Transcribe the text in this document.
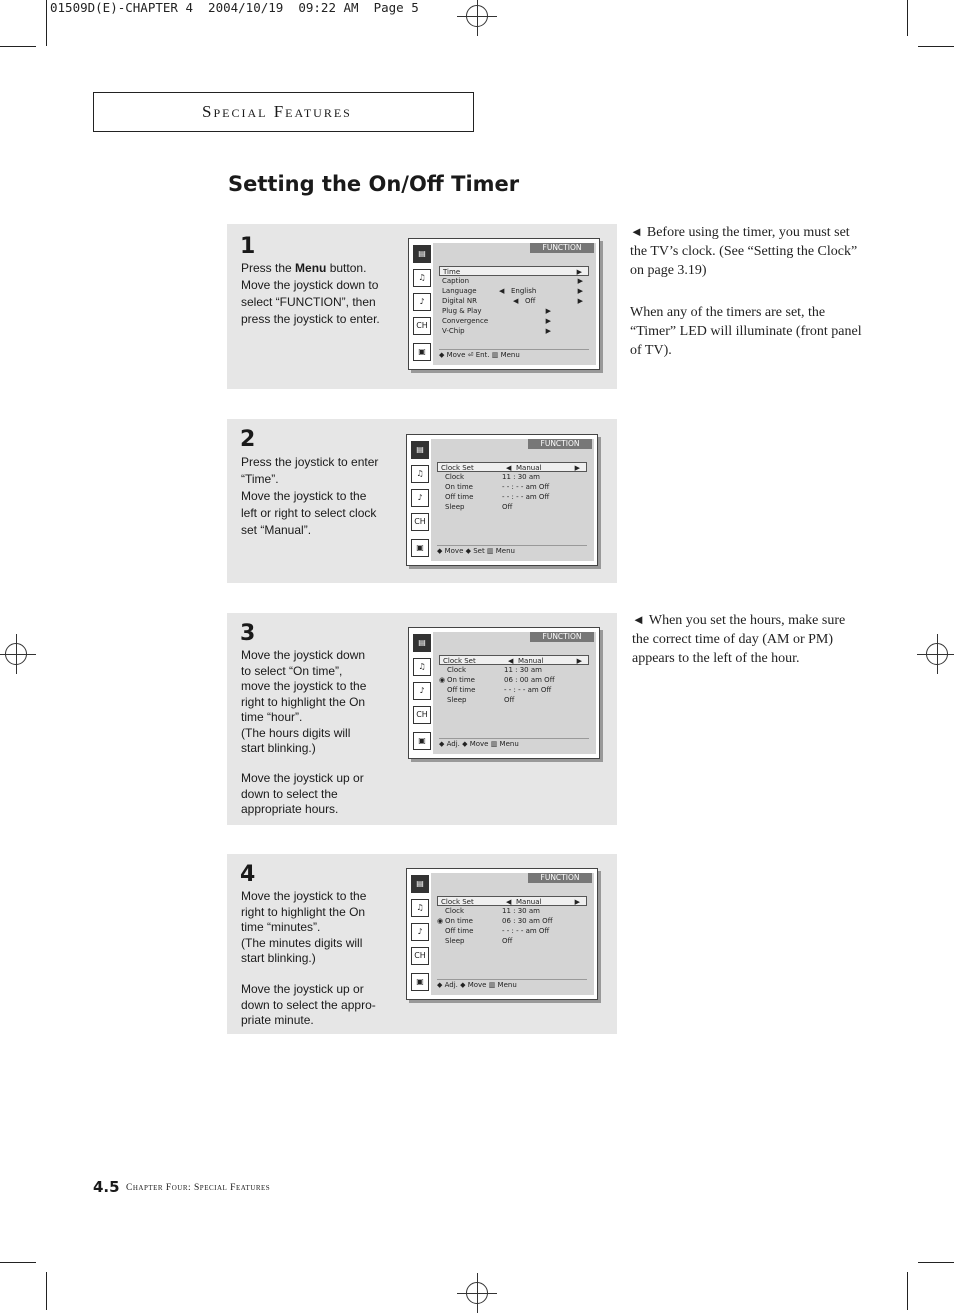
01509D(E)-CHAPTER 4  2004/10/19  09:22 AM  Page 5
Special Features
Setting the On/Off Timer
1
Press the Menu button.
Move the joystick down to
select “FUNCTION”, then
press the joystick to enter.
▤
♫
♪
CH
▣
FUNCTION
Time	▶
Caption	▶
Language	◀ English	▶
Digital NR	◀ Off	▶
Plug & Play	▶
Convergence	▶
V-Chip	▶
◆ Move ⏎ Ent. ▥ Menu
2
Press the joystick to enter
“Time”.
Move the joystick to the
left or right to select clock
set “Manual”.
▤
♫
♪
CH
▣
FUNCTION
Clock Set	◀ Manual	▶
Clock	11 : 30 am
On time	- - : - - am Off
Off time	- - : - - am Off
Sleep	Off
◆ Move ◆ Set ▥ Menu
3
Move the joystick down
to select “On time”,
move the joystick to the
right to highlight the On
time “hour”.
(The hours digits will
start blinking.)
Move the joystick up or
down to select the
appropriate hours.
▤
♫
♪
CH
▣
FUNCTION
Clock Set	◀ Manual	▶
Clock	11 : 30 am
◉ On time	06 : 00 am Off
Off time	- - : - - am Off
Sleep	Off
◆ Adj. ◆ Move ▥ Menu
4
Move the joystick to the
right to highlight the On
time “minutes”.
(The minutes digits will
start blinking.)
Move the joystick up or
down to select the appro-
priate minute.
▤
♫
♪
CH
▣
FUNCTION
Clock Set	◀ Manual	▶
Clock	11 : 30 am
◉ On time	06 : 30 am Off
Off time	- - : - - am Off
Sleep	Off
◆ Adj. ◆ Move ▥ Menu
◄ Before using the timer, you must set the TV’s clock. (See “Setting the Clock” on page 3.19)
When any of the timers are set, the “Timer” LED will illuminate (front panel of TV).
◄ When you set the hours, make sure the correct time of day (AM or PM) appears to the left of the hour.
4.5 Chapter Four: Special Features
